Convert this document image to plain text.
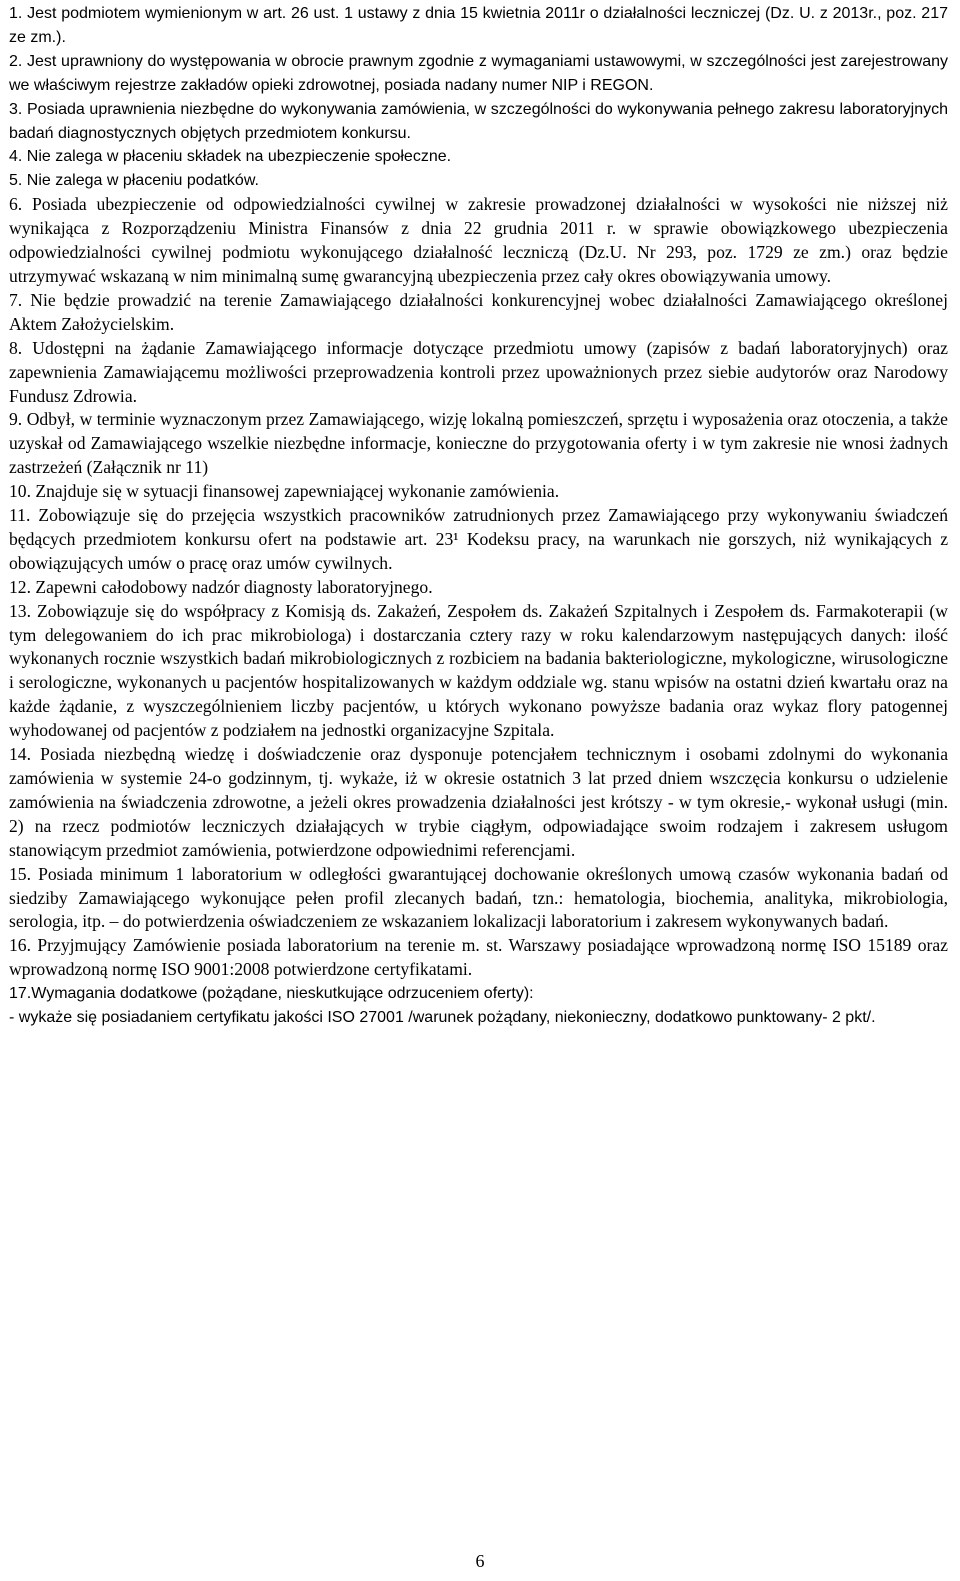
1. Jest podmiotem wymienionym w art. 26 ust. 1 ustawy z dnia 15 kwietnia 2011r o działalności leczniczej (Dz. U. z 2013r., poz. 217 ze zm.).

2. Jest uprawniony do występowania w obrocie prawnym zgodnie z wymaganiami ustawowymi, w szczególności jest zarejestrowany we właściwym rejestrze zakładów opieki zdrowotnej, posiada nadany numer NIP i REGON.

3. Posiada uprawnienia niezbędne do wykonywania zamówienia, w szczególności do wykonywania pełnego zakresu laboratoryjnych badań diagnostycznych objętych przedmiotem konkursu.

4. Nie zalega w płaceniu składek na ubezpieczenie społeczne.

5. Nie zalega w płaceniu podatków.

6. Posiada ubezpieczenie od odpowiedzialności cywilnej w zakresie prowadzonej działalności w wysokości nie niższej niż wynikająca z Rozporządzeniu Ministra Finansów z dnia 22 grudnia 2011 r. w sprawie obowiązkowego ubezpieczenia odpowiedzialności cywilnej podmiotu wykonującego działalność leczniczą (Dz.U. Nr 293, poz. 1729 ze zm.) oraz będzie utrzymywać wskazaną w nim minimalną sumę gwarancyjną ubezpieczenia przez cały okres obowiązywania umowy.

7. Nie będzie prowadzić na terenie Zamawiającego działalności konkurencyjnej wobec działalności Zamawiającego określonej Aktem Założycielskim.

8. Udostępni na żądanie Zamawiającego informacje dotyczące przedmiotu umowy (zapisów z badań laboratoryjnych) oraz zapewnienia Zamawiającemu możliwości przeprowadzenia kontroli przez upoważnionych przez siebie audytorów oraz Narodowy Fundusz Zdrowia.

9. Odbył, w terminie wyznaczonym przez Zamawiającego, wizję lokalną pomieszczeń, sprzętu i wyposażenia oraz otoczenia, a także uzyskał od Zamawiającego wszelkie niezbędne informacje, konieczne do przygotowania oferty i w tym zakresie nie wnosi żadnych zastrzeżeń (Załącznik nr 11)

10. Znajduje się w sytuacji finansowej zapewniającej wykonanie zamówienia.

11. Zobowiązuje się do przejęcia wszystkich pracowników zatrudnionych przez Zamawiającego przy wykonywaniu świadczeń będących przedmiotem konkursu ofert na podstawie art. 23¹ Kodeksu pracy, na warunkach nie gorszych, niż wynikających z obowiązujących umów o pracę oraz umów cywilnych.

12. Zapewni całodobowy nadzór diagnosty laboratoryjnego.

13. Zobowiązuje się do współpracy z Komisją ds. Zakażeń, Zespołem ds. Zakażeń Szpitalnych i Zespołem ds. Farmakoterapii (w tym delegowaniem do ich prac mikrobiologa) i dostarczania cztery razy w roku kalendarzowym następujących danych: ilość wykonanych rocznie wszystkich badań mikrobiologicznych z rozbiciem na badania bakteriologiczne, mykologiczne, wirusologiczne i serologiczne, wykonanych u pacjentów hospitalizowanych w każdym oddziale wg. stanu wpisów na ostatni dzień kwartału oraz na każde żądanie, z wyszczególnieniem liczby pacjentów, u których wykonano powyższe badania oraz wykaz flory patogennej wyhodowanej od pacjentów z podziałem na jednostki organizacyjne Szpitala.

14. Posiada niezbędną wiedzę i doświadczenie oraz dysponuje potencjałem technicznym i osobami zdolnymi do wykonania zamówienia w systemie 24-o godzinnym, tj. wykaże, iż w okresie ostatnich 3 lat przed dniem wszczęcia konkursu o udzielenie zamówienia na świadczenia zdrowotne, a jeżeli okres prowadzenia działalności jest krótszy - w tym okresie,- wykonał usługi (min. 2) na rzecz podmiotów leczniczych działających w trybie ciągłym, odpowiadające swoim rodzajem i zakresem usługom stanowiącym przedmiot zamówienia, potwierdzone odpowiednimi referencjami.

15. Posiada minimum 1 laboratorium w odległości gwarantującej dochowanie określonych umową czasów wykonania badań od siedziby Zamawiającego wykonujące pełen profil zlecanych badań, tzn.: hematologia, biochemia, analityka, mikrobiologia, serologia, itp. – do potwierdzenia oświadczeniem ze wskazaniem lokalizacji laboratorium i zakresem wykonywanych badań.

16. Przyjmujący Zamówienie posiada laboratorium na terenie m. st. Warszawy posiadające wprowadzoną normę ISO 15189 oraz wprowadzoną normę ISO 9001:2008 potwierdzone certyfikatami.

17.Wymagania dodatkowe (pożądane, nieskutkujące odrzuceniem oferty):

- wykaże się posiadaniem certyfikatu jakości ISO 27001 /warunek pożądany, niekonieczny, dodatkowo punktowany- 2 pkt/.

6
